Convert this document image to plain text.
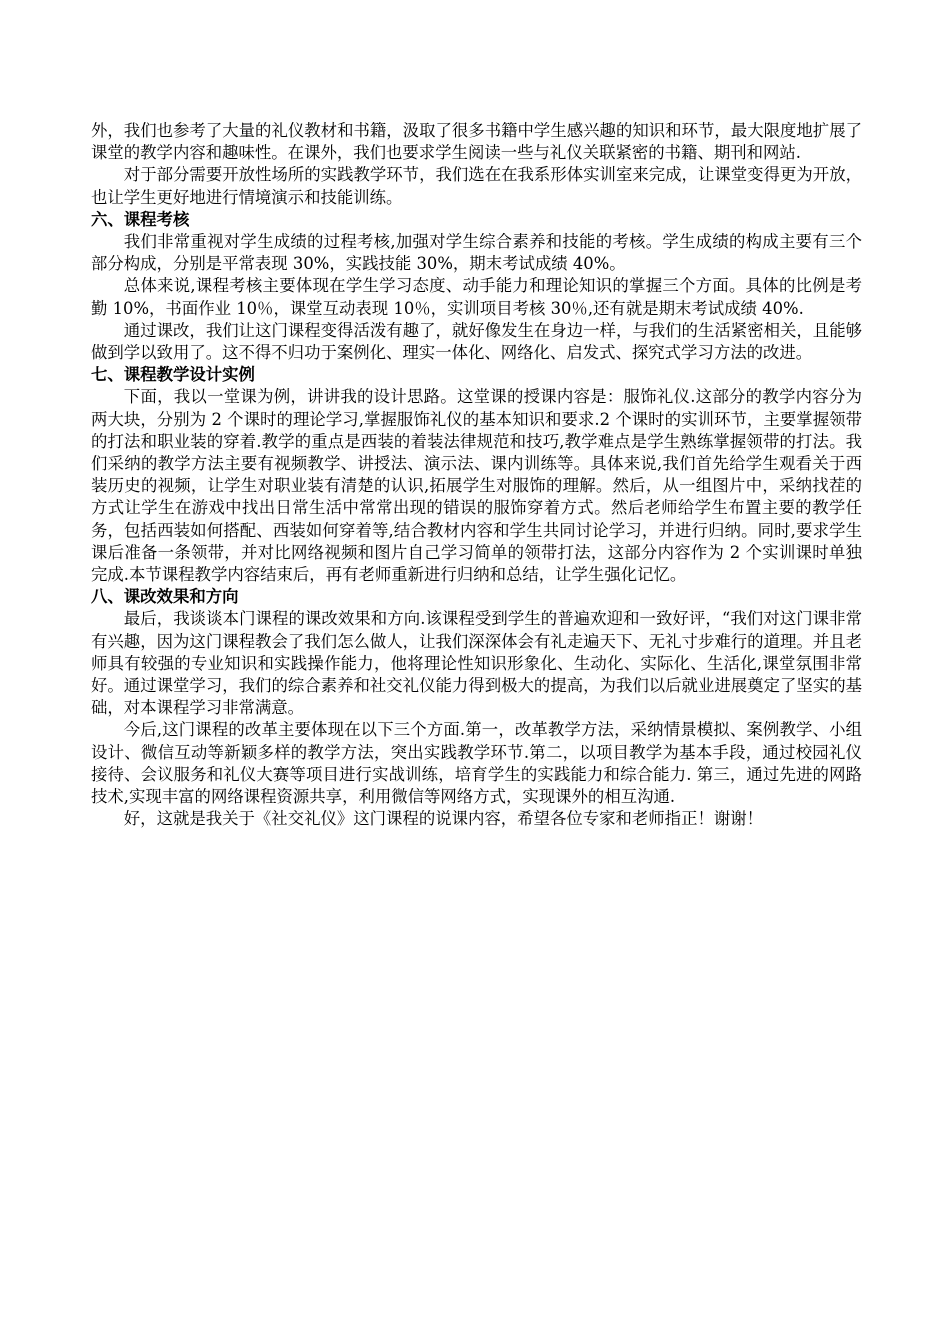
外，我们也参考了大量的礼仪教材和书籍，汲取了很多书籍中学生感兴趣的知识和环节，最大限度地扩展了课堂的教学内容和趣味性。在课外，我们也要求学生阅读一些与礼仪关联紧密的书籍、期刊和网站.

对于部分需要开放性场所的实践教学环节，我们选在在我系形体实训室来完成，让课堂变得更为开放，也让学生更好地进行情境演示和技能训练。

六、课程考核

我们非常重视对学生成绩的过程考核,加强对学生综合素养和技能的考核。学生成绩的构成主要有三个部分构成，分别是平常表现 30%，实践技能 30%，期末考试成绩 40%。

总体来说,课程考核主要体现在学生学习态度、动手能力和理论知识的掌握三个方面。具体的比例是考勤 10%，书面作业 10％，课堂互动表现 10％，实训项目考核 30％,还有就是期末考试成绩 40%.

通过课改，我们让这门课程变得活泼有趣了，就好像发生在身边一样，与我们的生活紧密相关，且能够做到学以致用了。这不得不归功于案例化、理实一体化、网络化、启发式、探究式学习方法的改进。

七、课程教学设计实例

下面，我以一堂课为例，讲讲我的设计思路。这堂课的授课内容是：服饰礼仪.这部分的教学内容分为两大块，分别为 2 个课时的理论学习,掌握服饰礼仪的基本知识和要求.2 个课时的实训环节，主要掌握领带的打法和职业装的穿着.教学的重点是西装的着装法律规范和技巧,教学难点是学生熟练掌握领带的打法。我们采纳的教学方法主要有视频教学、讲授法、演示法、课内训练等。具体来说,我们首先给学生观看关于西装历史的视频，让学生对职业装有清楚的认识,拓展学生对服饰的理解。然后，从一组图片中，采纳找茬的方式让学生在游戏中找出日常生活中常常出现的错误的服饰穿着方式。然后老师给学生布置主要的教学任务，包括西装如何搭配、西装如何穿着等,结合教材内容和学生共同讨论学习，并进行归纳。同时,要求学生课后准备一条领带，并对比网络视频和图片自己学习简单的领带打法，这部分内容作为 2 个实训课时单独完成.本节课程教学内容结束后，再有老师重新进行归纳和总结，让学生强化记忆。

八、课改效果和方向

最后，我谈谈本门课程的课改效果和方向.该课程受到学生的普遍欢迎和一致好评，“我们对这门课非常有兴趣，因为这门课程教会了我们怎么做人，让我们深深体会有礼走遍天下、无礼寸步难行的道理。并且老师具有较强的专业知识和实践操作能力，他将理论性知识形象化、生动化、实际化、生活化,课堂氛围非常好。通过课堂学习，我们的综合素养和社交礼仪能力得到极大的提高，为我们以后就业进展奠定了坚实的基础，对本课程学习非常满意。

今后,这门课程的改革主要体现在以下三个方面.第一，改革教学方法，采纳情景模拟、案例教学、小组设计、微信互动等新颖多样的教学方法，突出实践教学环节.第二，以项目教学为基本手段，通过校园礼仪接待、会议服务和礼仪大赛等项目进行实战训练，培育学生的实践能力和综合能力. 第三，通过先进的网路技术,实现丰富的网络课程资源共享，利用微信等网络方式，实现课外的相互沟通.

好，这就是我关于《社交礼仪》这门课程的说课内容，希望各位专家和老师指正！谢谢！
